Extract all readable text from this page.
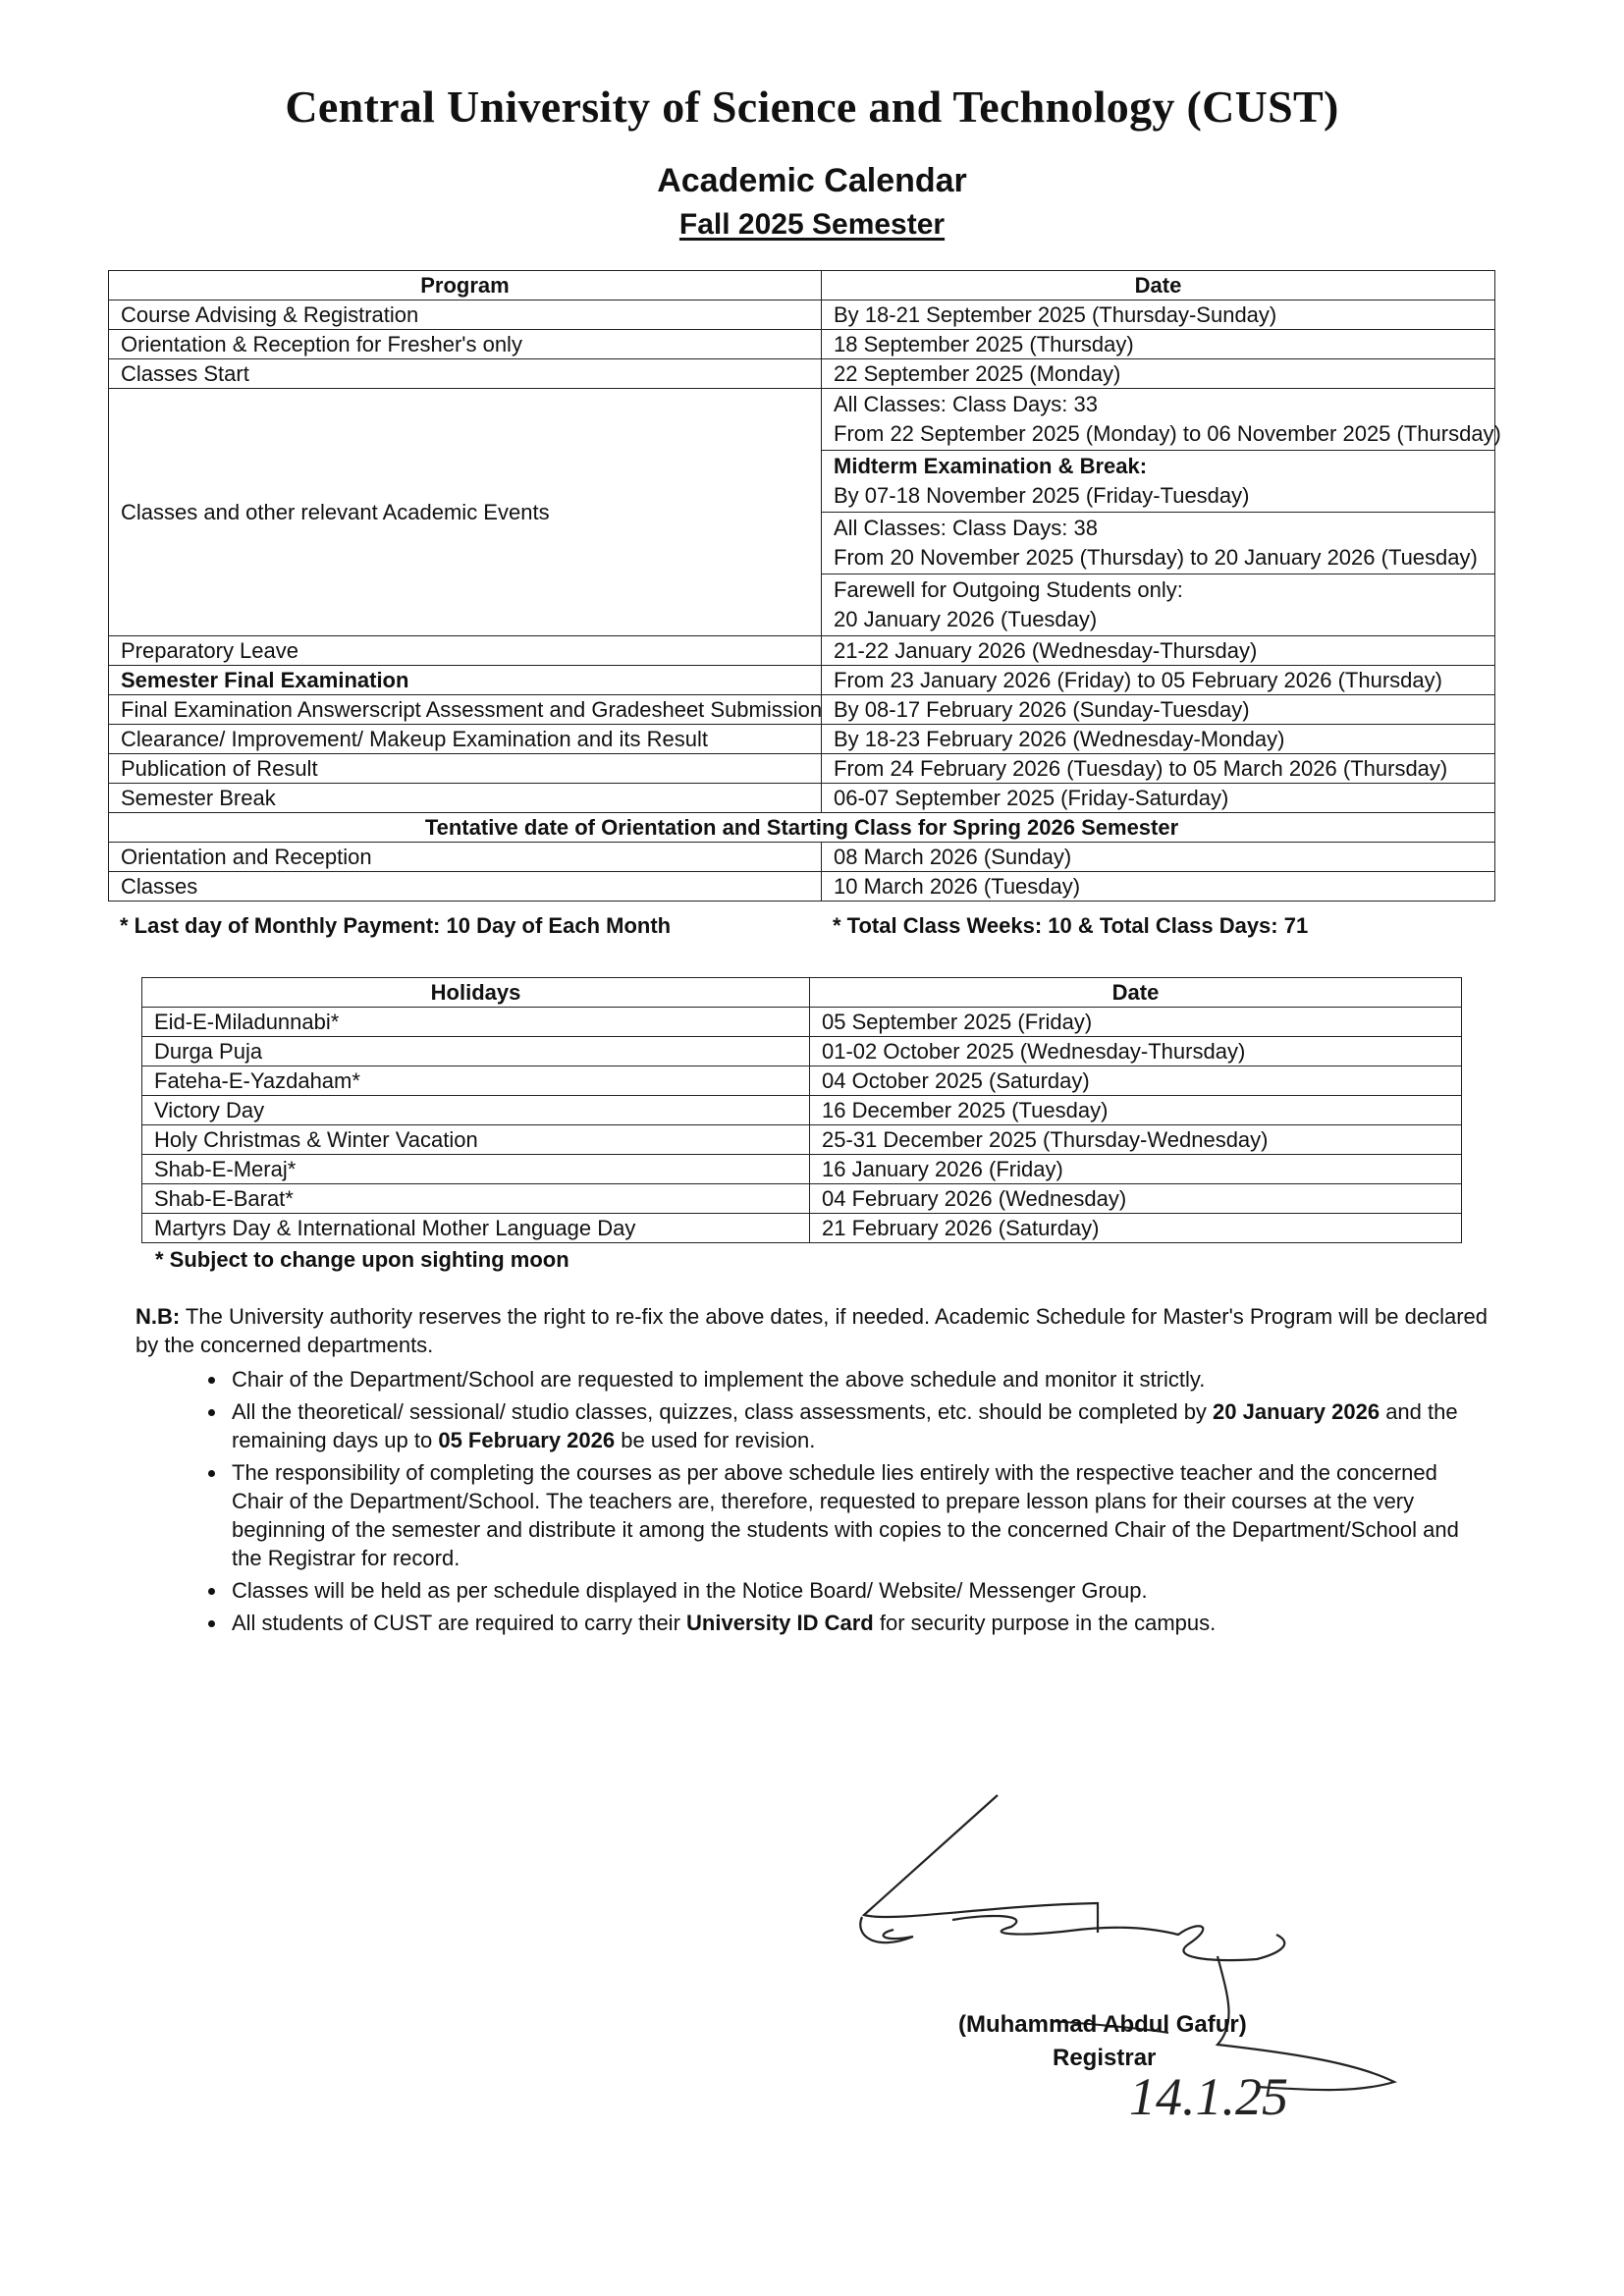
Central University of Science and Technology (CUST)
Academic Calendar
Fall 2025 Semester
Program	Date
Course Advising & Registration	By 18-21 September 2025 (Thursday-Sunday)
Orientation & Reception for Fresher's only	18 September 2025 (Thursday)
Classes Start	22 September 2025 (Monday)
Classes and other relevant Academic Events	All Classes: Class Days: 33
From 22 September 2025 (Monday) to 06 November 2025 (Thursday)

	Midterm Examination & Break:
By 07-18 November 2025 (Friday-Tuesday)

	All Classes: Class Days: 38
From 20 November 2025 (Thursday) to 20 January 2026 (Tuesday)

	Farewell for Outgoing Students only:
20 January 2026 (Tuesday)

Preparatory Leave	21-22 January 2026 (Wednesday-Thursday)
Semester Final Examination	From 23 January 2026 (Friday) to 05 February 2026 (Thursday)
Final Examination Answerscript Assessment and Gradesheet Submission	By 08-17 February 2026 (Sunday-Tuesday)
Clearance/ Improvement/ Makeup Examination and its Result	By 18-23 February 2026 (Wednesday-Monday)
Publication of Result	From 24 February 2026 (Tuesday) to 05 March 2026 (Thursday)
Semester Break	06-07 September 2025 (Friday-Saturday)
Tentative date of Orientation and Starting Class for Spring 2026 Semester	
Orientation and Reception	08 March 2026 (Sunday)
Classes	10 March 2026 (Tuesday)
* Last day of Monthly Payment: 10 Day of Each Month	* Total Class Weeks: 10 & Total Class Days: 71
Holidays	Date
Eid-E-Miladunnabi*	05 September 2025 (Friday)
Durga Puja	01-02 October 2025 (Wednesday-Thursday)
Fateha-E-Yazdaham*	04 October 2025 (Saturday)
Victory Day	16 December 2025 (Tuesday)
Holy Christmas & Winter Vacation	25-31 December 2025 (Thursday-Wednesday)
Shab-E-Meraj*	16 January 2026 (Friday)
Shab-E-Barat*	04 February 2026 (Wednesday)
Martyrs Day & International Mother Language Day	21 February 2026 (Saturday)
* Subject to change upon sighting moon
N.B: The University authority reserves the right to re-fix the above dates, if needed. Academic Schedule for Master's Program will be declared by the concerned departments.
• Chair of the Department/School are requested to implement the above schedule and monitor it strictly.
• All the theoretical/ sessional/ studio classes, quizzes, class assessments, etc. should be completed by 20 January 2026 and the remaining days up to 05 February 2026 be used for revision.
• The responsibility of completing the courses as per above schedule lies entirely with the respective teacher and the concerned Chair of the Department/School. The teachers are, therefore, requested to prepare lesson plans for their courses at the very beginning of the semester and distribute it among the students with copies to the concerned Chair of the Department/School and the Registrar for record.
• Classes will be held as per schedule displayed in the Notice Board/ Website/ Messenger Group.
• All students of CUST are required to carry their University ID Card for security purpose in the campus.
(Muhammad Abdul Gafur)
Registrar
14.1.25
